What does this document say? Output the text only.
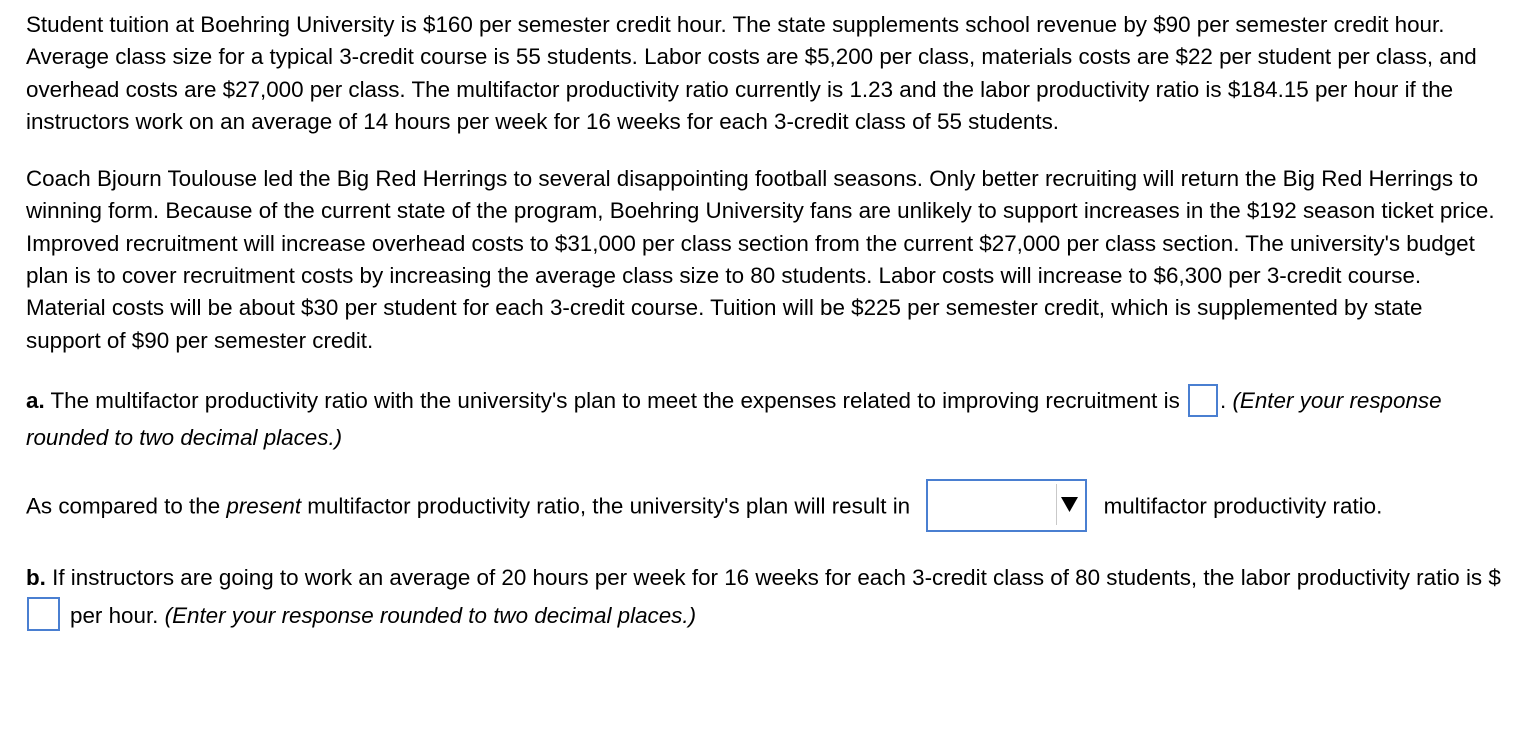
Student tuition at Boehring University is $160 per semester credit hour. The state supplements school revenue by $90 per semester credit hour. Average class size for a typical 3-credit course is 55 students. Labor costs are $5,200 per class, materials costs are $22 per student per class, and overhead costs are $27,000 per class. The multifactor productivity ratio currently is 1.23 and the labor productivity ratio is $184.15 per hour if the instructors work on an average of 14 hours per week for 16 weeks for each 3-credit class of 55 students.

Coach Bjourn Toulouse led the Big Red Herrings to several disappointing football seasons. Only better recruiting will return the Big Red Herrings to winning form. Because of the current state of the program, Boehring University fans are unlikely to support increases in the $192 season ticket price. Improved recruitment will increase overhead costs to $31,000 per class section from the current $27,000 per class section. The university's budget plan is to cover recruitment costs by increasing the average class size to 80 students. Labor costs will increase to $6,300 per 3-credit course. Material costs will be about $30 per student for each 3-credit course. Tuition will be $225 per semester credit, which is supplemented by state support of $90 per semester credit.

a. The multifactor productivity ratio with the university's plan to meet the expenses related to improving recruitment is . (Enter your response rounded to two decimal places.)

As compared to the present multifactor productivity ratio, the university's plan will result in	multifactor productivity ratio.

b. If instructors are going to work an average of 20 hours per week for 16 weeks for each 3-credit class of 80 students, the labor productivity ratio is $per hour. (Enter your response rounded to two decimal places.)
